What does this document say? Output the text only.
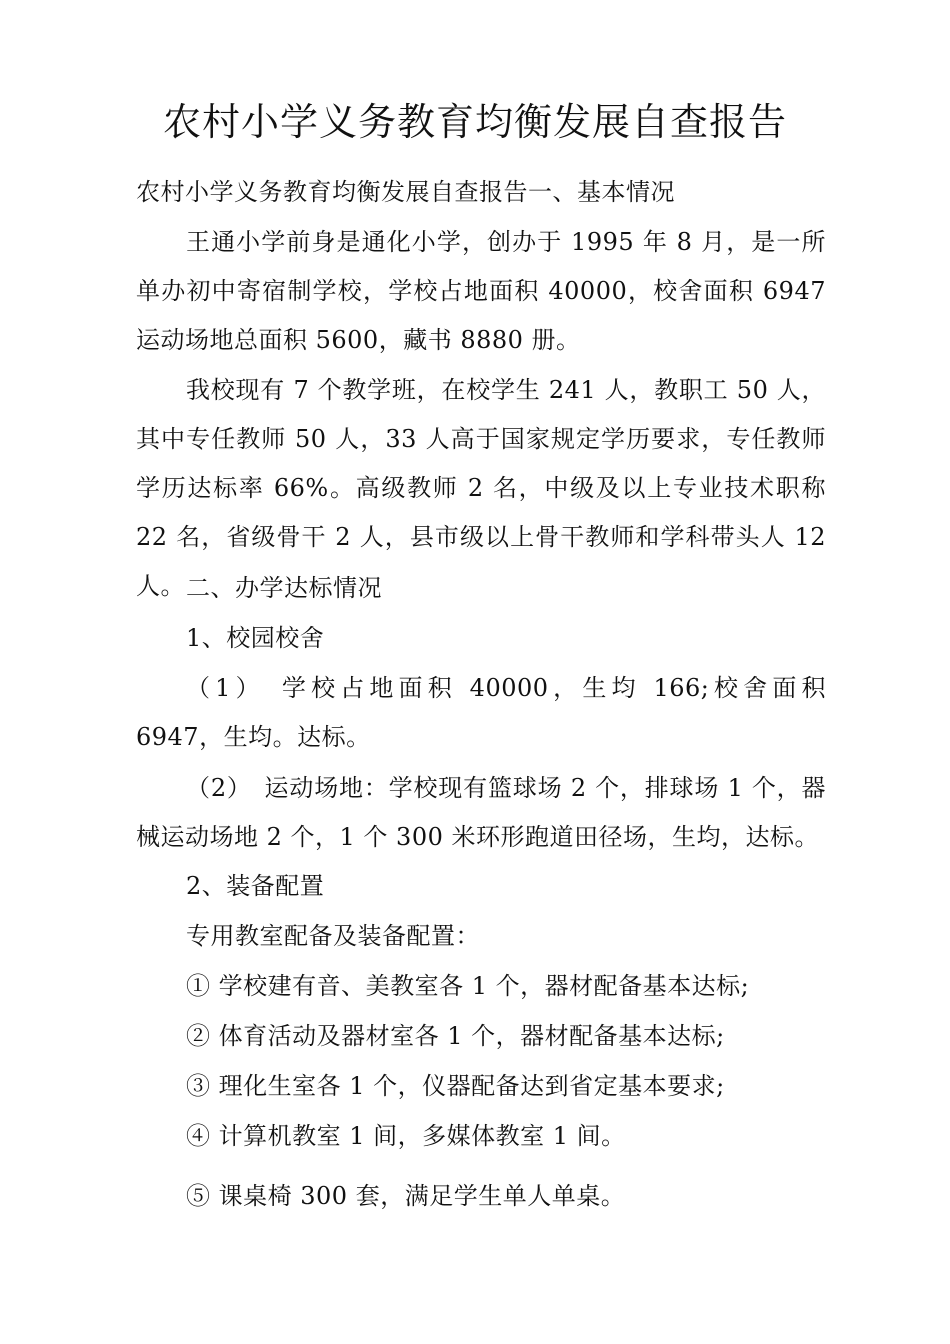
农村小学义务教育均衡发展自查报告
农村小学义务教育均衡发展自查报告一、基本情况
王通小学前身是通化小学，创办于 1995 年 8 月，是一所单办初中寄宿制学校，学校占地面积 40000，校舍面积 6947 运动场地总面积 5600，藏书 8880 册。
我校现有 7 个教学班，在校学生 241 人，教职工 50 人，其中专任教师 50 人，33 人高于国家规定学历要求，专任教师学历达标率 66%。高级教师 2 名，中级及以上专业技术职称 22 名，省级骨干 2 人，县市级以上骨干教师和学科带头人 12 人。 二、办学达标情况
1、校园校舍
（1）　学校占地面积 40000，生均 166;校舍面积 6947，生均。达标。
（2）　运动场地：学校现有篮球场 2 个，排球场 1 个，器械运动场地 2 个，1 个 300 米环形跑道田径场，生均，达标。
2、装备配置
专用教室配备及装备配置：
① 学校建有音、美教室各 1 个，器材配备基本达标;
② 体育活动及器材室各 1 个，器材配备基本达标;
③ 理化生室各 1 个，仪器配备达到省定基本要求;
④ 计算机教室 1 间，多媒体教室 1 间。
⑤ 课桌椅 300 套，满足学生单人单桌。
